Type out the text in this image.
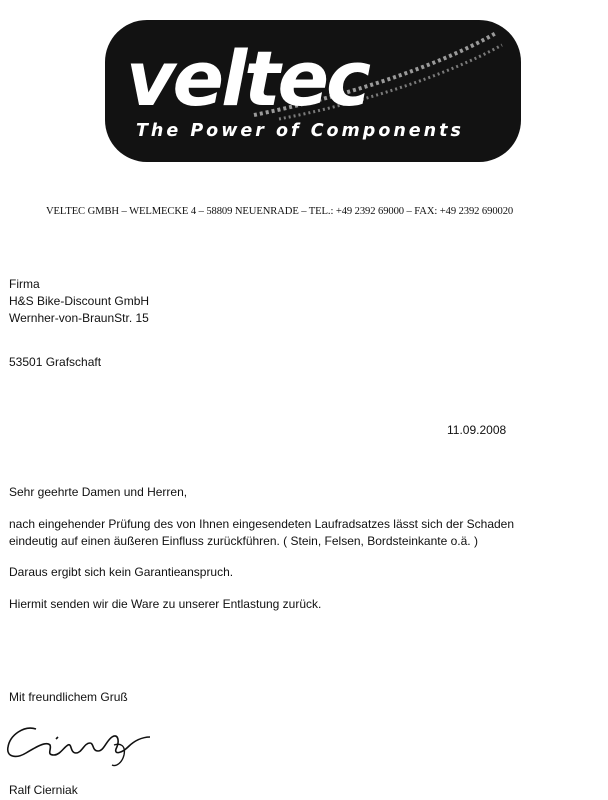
veltec
The Power of Components
VELTEC GMBH – WELMECKE 4 – 58809 NEUENRADE – TEL.: +49 2392 69000 – FAX: +49 2392 690020
Firma
H&S Bike-Discount GmbH
Wernher-von-BraunStr. 15
53501 Grafschaft
11.09.2008
Sehr geehrte Damen und Herren,
nach eingehender Prüfung des von Ihnen eingesendeten Laufradsatzes lässt sich der Schaden
eindeutig auf einen äußeren Einfluss zurückführen. ( Stein, Felsen, Bordsteinkante o.ä. )
Daraus ergibt sich kein Garantieanspruch.
Hiermit senden wir die Ware zu unserer Entlastung zurück.
Mit freundlichem Gruß
Ralf Cierniak
